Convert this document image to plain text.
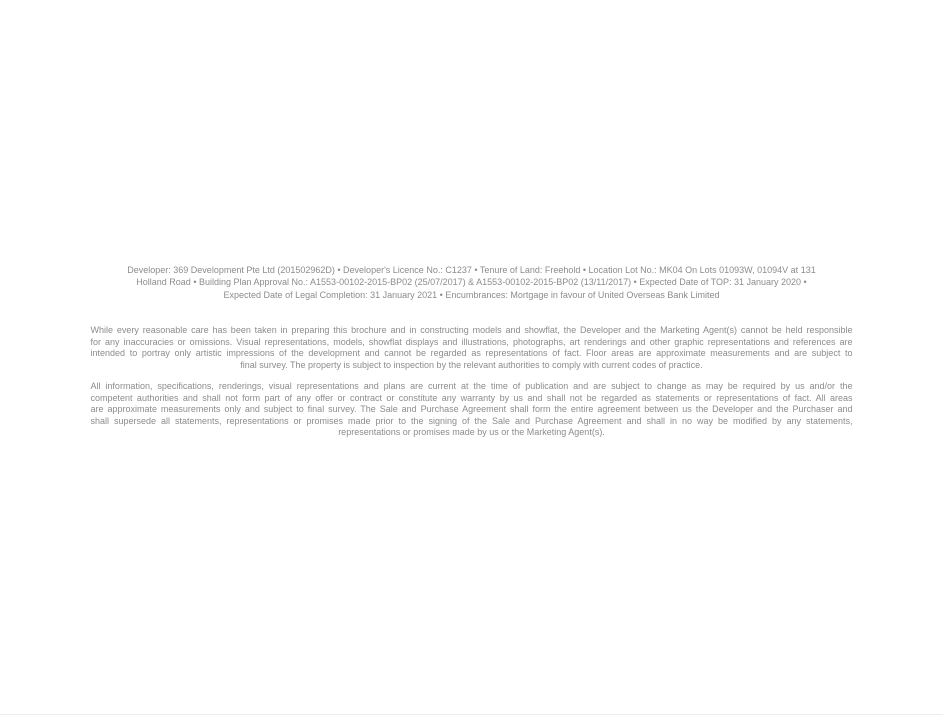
Developer: 369 Development Pte Ltd (201502962D) • Developer's Licence No.: C1237 • Tenure of Land: Freehold • Location Lot No.: MK04 On Lots 01093W, 01094V at 131
Holland Road • Building Plan Approval No.: A1553-00102-2015-BP02 (25/07/2017) & A1553-00102-2015-BP02 (13/11/2017) • Expected Date of TOP: 31 January 2020 •
Expected Date of Legal Completion: 31 January 2021 • Encumbrances: Mortgage in favour of United Overseas Bank Limited
While every reasonable care has been taken in preparing this brochure and in constructing models and showflat, the Developer and the Marketing Agent(s) cannot be held responsible
for any inaccuracies or omissions. Visual representations, models, showflat displays and illustrations, photographs, art renderings and other graphic representations and references are
intended to portray only artistic impressions of the development and cannot be regarded as representations of fact. Floor areas are approximate measurements and are subject to
final survey. The property is subject to inspection by the relevant authorities to comply with current codes of practice.
All information, specifications, renderings, visual representations and plans are current at the time of publication and are subject to change as may be required by us and/or the
competent authorities and shall not form part of any offer or contract or constitute any warranty by us and shall not be regarded as statements or representations of fact. All areas
are approximate measurements only and subject to final survey. The Sale and Purchase Agreement shall form the entire agreement between us the Developer and the Purchaser and
shall supersede all statements, representations or promises made prior to the signing of the Sale and Purchase Agreement and shall in no way be modified by any statements,
representations or promises made by us or the Marketing Agent(s).
